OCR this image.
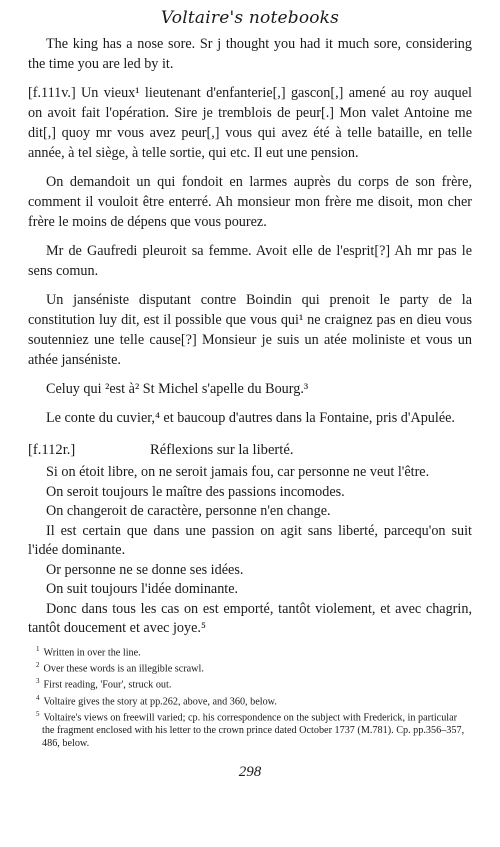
Voltaire's notebooks

The king has a nose sore. Sr j thought you had it much sore, considering the time you are led by it.

[f.111v.] Un vieux¹ lieutenant d'enfanterie[,] gascon[,] amené au roy auquel on avoit fait l'opération. Sire je tremblois de peur[.] Mon valet Antoine me dit[,] quoy mr vous avez peur[,] vous qui avez été à telle bataille, en telle année, à tel siège, à telle sortie, qui etc. Il eut une pension.

On demandoit un qui fondoit en larmes auprès du corps de son frère, comment il vouloit être enterré. Ah monsieur mon frère me disoit, mon cher frère le moins de dépens que vous pourez.

Mr de Gaufredi pleuroit sa femme. Avoit elle de l'esprit[?] Ah mr pas le sens comun.

Un janséniste disputant contre Boindin qui prenoit le party de la constitution luy dit, est il possible que vous qui¹ ne craignez pas en dieu vous soutenniez une telle cause[?] Monsieur je suis un atée moliniste et vous un athée janséniste.

Celuy qui ²est à² St Michel s'apelle du Bourg.³

Le conte du cuvier,⁴ et baucoup d'autres dans la Fontaine, pris d'Apulée.

[f.112r.]	Réflexions sur la liberté.

Si on étoit libre, on ne seroit jamais fou, car personne ne veut l'être.

On seroit toujours le maître des passions incomodes.

On changeroit de caractère, personne n'en change.

Il est certain que dans une passion on agit sans liberté, parcequ'on suit l'idée dominante.

Or personne ne se donne ses idées.

On suit toujours l'idée dominante.

Donc dans tous les cas on est emporté, tantôt violement, et avec chagrin, tantôt doucement et avec joye.⁵

$^1$ Written in over the line.

$^2$ Over these words is an illegible scrawl.

$^3$ First reading, 'Four', struck out.

$^4$ Voltaire gives the story at pp.262, above, and 360, below.

$^5$ Voltaire's views on freewill varied; cp. his correspondence on the subject with Frederick, in particular the fragment enclosed with his letter to the crown prince dated October 1737 (M.781). Cp. pp.356–357, 486, below.

298
